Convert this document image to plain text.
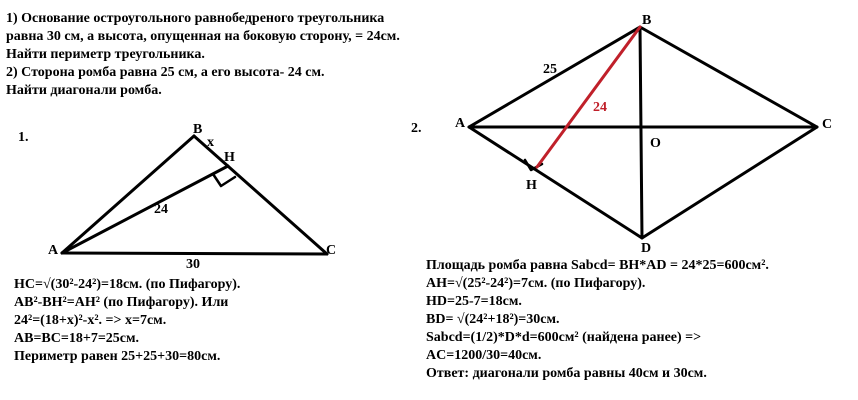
1) Основание остроугольного равнобедреного треугольника
равна 30 см, а высота, опущенная на боковую сторону, = 24см.
Найти периметр треугольника.
2) Сторона ромба равна 25 см, а его высота- 24 см.
Найти диагонали ромба.
1.
A
B
C
H
x
24
30
2. A
B
C
D
H
O
25
24
HC=√(30²-24²)=18см. (по Пифагору).
AB²-BH²=AH² (по Пифагору). Или
24²=(18+x)²-x². => x=7см.
AB=BC=18+7=25см.
Периметр равен 25+25+30=80см.
Площадь ромба равна Sabcd= BH*AD = 24*25=600см².
AH=√(25²-24²)=7см. (по Пифагору).
HD=25-7=18см.
BD= √(24²+18²)=30см.
Sabcd=(1/2)*D*d=600см² (найдена ранее) =>
AC=1200/30=40см.
Ответ: диагонали ромба равны 40см и 30см.
